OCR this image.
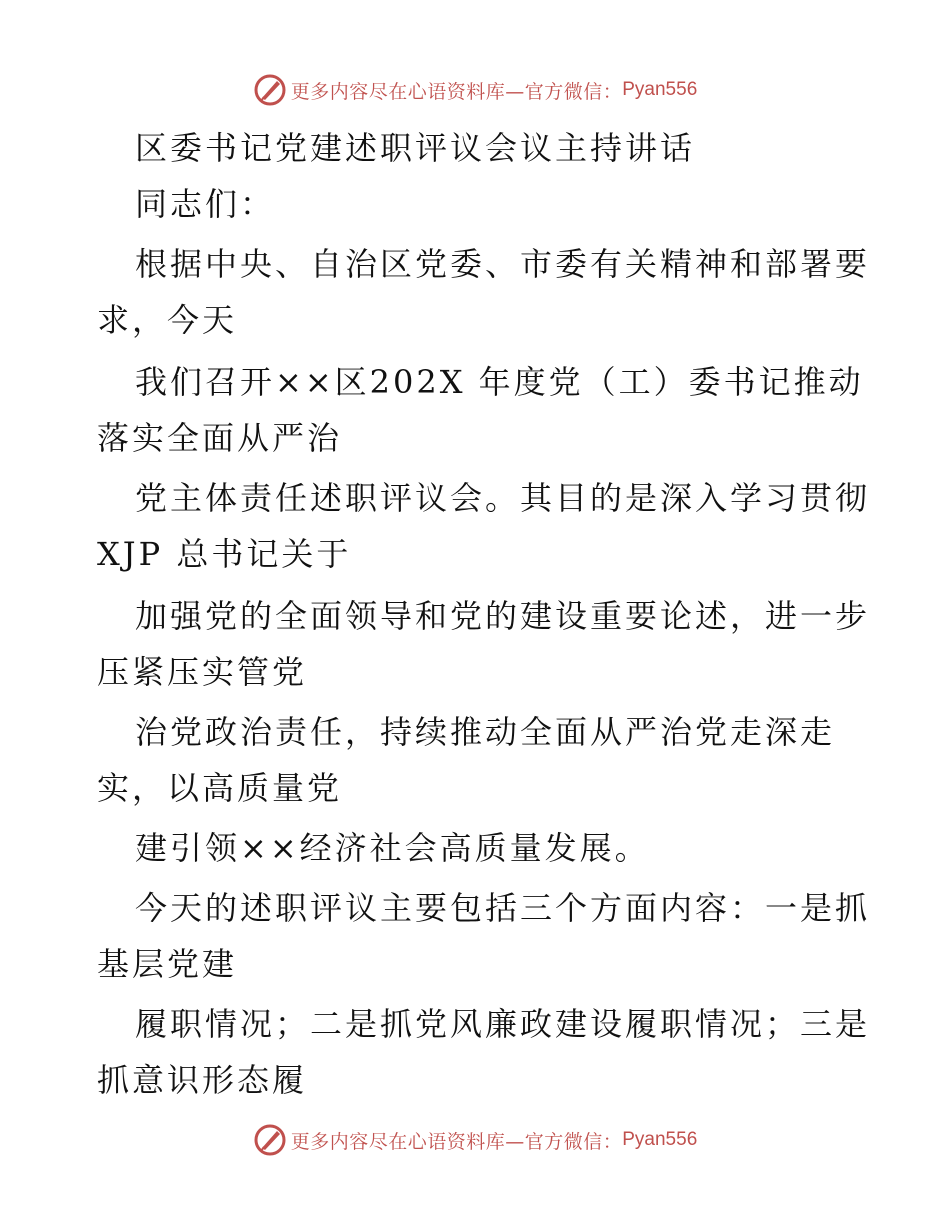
更多内容尽在心语资料库—官方微信： Pyan556
区委书记党建述职评议会议主持讲话
同志们：
根据中央、自治区党委、市委有关精神和部署要
求，今天
我们召开××区202X 年度党（工）委书记推动
落实全面从严治
党主体责任述职评议会。其目的是深入学习贯彻
XJP 总书记关于
加强党的全面领导和党的建设重要论述，进一步
压紧压实管党
治党政治责任，持续推动全面从严治党走深走
实，以高质量党
建引领××经济社会高质量发展。
今天的述职评议主要包括三个方面内容：一是抓
基层党建
履职情况；二是抓党风廉政建设履职情况；三是
抓意识形态履
更多内容尽在心语资料库—官方微信： Pyan556
